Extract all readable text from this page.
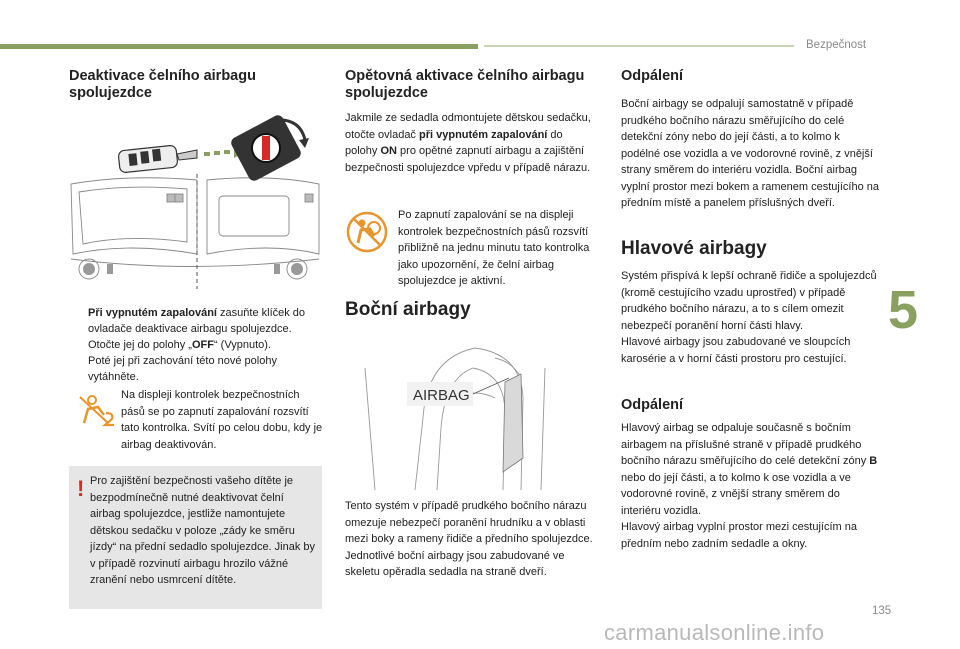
Bezpečnost
5
Deaktivace čelního airbagu spolujezdce
Při vypnutém zapalování zasuňte klíček do ovladače deaktivace airbagu spolujezdce.
Otočte jej do polohy „OFF“ (Vypnuto).
Poté jej při zachování této nové polohy vytáhněte.
Na displeji kontrolek bezpečnostních pásů se po zapnutí zapalování rozsvítí tato kontrolka. Svítí po celou dobu, kdy je airbag deaktivován.
! Pro zajištění bezpečnosti vašeho dítěte je bezpodmínečně nutné deaktivovat čelní airbag spolujezdce, jestliže namontujete dětskou sedačku v poloze „zády ke směru jízdy“ na přední sedadlo spolujezdce. Jinak by v případě rozvinutí airbagu hrozilo vážné zranění nebo usmrcení dítěte.
Opětovná aktivace čelního airbagu spolujezdce
Jakmile ze sedadla odmontujete dětskou sedačku, otočte ovladač při vypnutém zapalování do polohy ON pro opětné zapnutí airbagu a zajištění bezpečnosti spolujezdce vpředu v případě nárazu.
Po zapnutí zapalování se na displeji kontrolek bezpečnostních pásů rozsvítí přibližně na jednu minutu tato kontrolka jako upozornění, že čelní airbag spolujezdce je aktivní.
Boční airbagy
AIRBAG
Tento systém v případě prudkého bočního nárazu omezuje nebezpečí poranění hrudníku a v oblasti mezi boky a rameny řidiče a předního spolujezdce.
Jednotlivé boční airbagy jsou zabudované ve skeletu opěradla sedadla na straně dveří.
Odpálení
Boční airbagy se odpalují samostatně v případě prudkého bočního nárazu směřujícího do celé detekční zóny nebo do její části, a to kolmo k podélné ose vozidla a ve vodorovné rovině, z vnější strany směrem do interiéru vozidla. Boční airbag vyplní prostor mezi bokem a ramenem cestujícího na předním místě a panelem příslušných dveří.
Hlavové airbagy
Systém přispívá k lepší ochraně řidiče a spolujezdců (kromě cestujícího vzadu uprostřed) v případě prudkého bočního nárazu, a to s cílem omezit nebezpečí poranění horní části hlavy.
Hlavové airbagy jsou zabudované ve sloupcích karosérie a v horní části prostoru pro cestující.
Odpálení
Hlavový airbag se odpaluje současně s bočním airbagem na příslušné straně v případě prudkého bočního nárazu směřujícího do celé detekční zóny B nebo do její části, a to kolmo k ose vozidla a ve vodorovné rovině, z vnější strany směrem do interiéru vozidla.
Hlavový airbag vyplní prostor mezi cestujícím na předním nebo zadním sedadle a okny.
135
carmanualsonline.info
